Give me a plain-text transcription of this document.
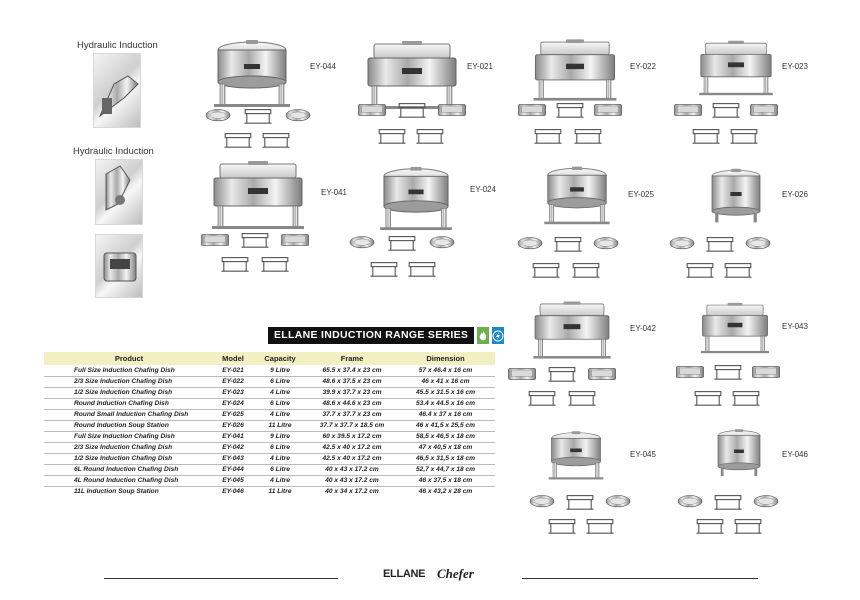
Hydraulic Induction
Hydraulic Induction
EY-044	EY-021	EY-022	EY-023
EY-041	EY-024
EY-025	EY-026
EY-042	EY-043
EY-045	EY-046
ELLANE INDUCTION RANGE SERIES
Product	Model	Capacity	Frame	Dimension
Full Size Induction Chafing Dish	EY-021	9 Litre	65.5 x 37.4 x 23 cm	57 x 46.4 x 16 cm
2/3 Size Induction Chafing Dish	EY-022	6 Litre	48.6 x 37.5 x 23 cm	46 x 41 x 16 cm
1/2 Size Induction Chafing Dish	EY-023	4 Litre	39.9 x 37.7 x 23 cm	45.5 x 31.5 x 16 cm
Round Induction Chafing Dish	EY-024	6 Litre	48.6 x 44.6 x 23 cm	53.4 x 44.5 x 16 cm
Round Small Induction Chafing Dish	EY-025	4 Litre	37.7 x 37.7 x 23 cm	46.4 x 37 x 16 cm
Round Induction Soup Station	EY-026	11 Litre	37.7 x 37.7 x 18.5 cm	46 x 41,5 x 25,5 cm
Full Size Induction Chafing Dish	EY-041	9 Litre	60 x 39.5 x 17.2 cm	58,5 x 46,5 x 18 cm
2/3 Size Induction Chafing Dish	EY-042	6 Litre	42.5 x 40 x 17.2 cm	47 x 40,5 x 18 cm
1/2 Size Induction Chafing Dish	EY-043	4 Litre	42.5 x 40 x 17.2 cm	46,5 x 31,5 x 18 cm
6L Round Induction Chafing Dish	EY-044	6 Litre	40 x 43 x 17.2 cm	52,7 x 44,7 x 18 cm
4L Round Induction Chafing Dish	EY-045	4 Litre	40 x 43 x 17.2 cm	46 x 37,5 x 18 cm
11L Induction Soup Station	EY-046	11 Litre	40 x 34 x 17.2 cm	46 x 43,2 x 28 cm
ELLANE Chefer
